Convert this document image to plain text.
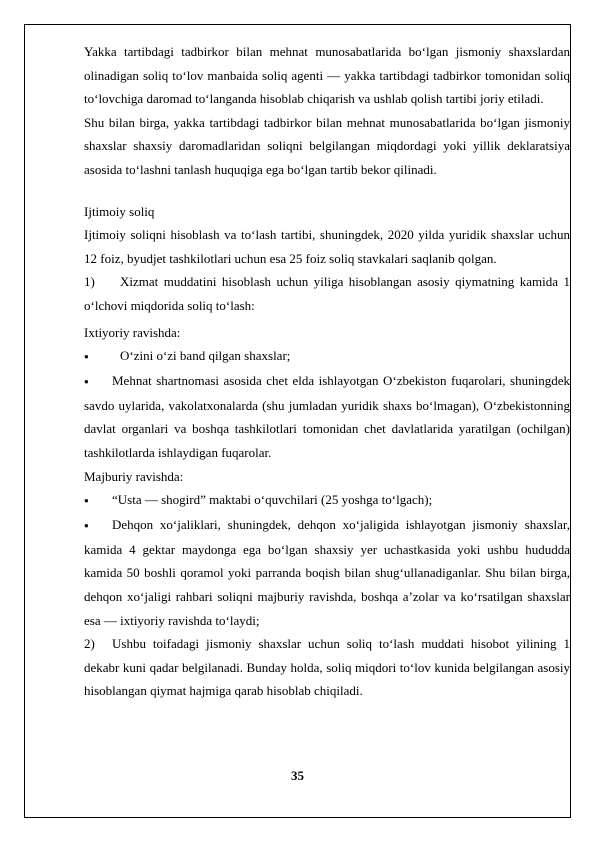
Yakka tartibdagi tadbirkor bilan mehnat munosabatlarida bo‘lgan jismoniy shaxslardan olinadigan soliq to‘lov manbaida soliq agenti — yakka tartibdagi tadbirkor tomonidan soliq to‘lovchiga daromad to‘langanda hisoblab chiqarish va ushlab qolish tartibi joriy etiladi.

Shu bilan birga, yakka tartibdagi tadbirkor bilan mehnat munosabatlarida bo‘lgan jismoniy shaxslar shaxsiy daromadlaridan soliqni belgilangan miqdordagi yoki yillik deklaratsiya asosida to‘lashni tanlash huquqiga ega bo‘lgan tartib bekor qilinadi.

Ijtimoiy soliq

Ijtimoiy soliqni hisoblash va to‘lash tartibi, shuningdek, 2020 yilda yuridik shaxslar uchun 12 foiz, byudjet tashkilotlari uchun esa 25 foiz soliq stavkalari saqlanib qolgan.

1) Xizmat muddatini hisoblash uchun yiliga hisoblangan asosiy qiymatning kamida 1 o‘lchovi miqdorida soliq to‘lash:

Ixtiyoriy ravishda:

● O‘zini o‘zi band qilgan shaxslar;

● Mehnat shartnomasi asosida chet elda ishlayotgan O‘zbekiston fuqarolari, shuningdek savdo uylarida, vakolatxonalarda (shu jumladan yuridik shaxs bo‘lmagan), O‘zbekistonning davlat organlari va boshqa tashkilotlari tomonidan chet davlatlarida yaratilgan (ochilgan) tashkilotlarda ishlaydigan fuqarolar.

Majburiy ravishda:

● “Usta — shogird” maktabi o‘quvchilari (25 yoshga to‘lgach);

● Dehqon xo‘jaliklari, shuningdek, dehqon xo‘jaligida ishlayotgan jismoniy shaxslar, kamida 4 gektar maydonga ega bo‘lgan shaxsiy yer uchastkasida yoki ushbu hududda kamida 50 boshli qoramol yoki parranda boqish bilan shug‘ullanadiganlar. Shu bilan birga, dehqon xo‘jaligi rahbari soliqni majburiy ravishda, boshqa a’zolar va ko‘rsatilgan shaxslar esa — ixtiyoriy ravishda to‘laydi;

2) Ushbu toifadagi jismoniy shaxslar uchun soliq to‘lash muddati hisobot yilining 1 dekabr kuni qadar belgilanadi. Bunday holda, soliq miqdori to‘lov kunida belgilangan asosiy hisoblangan qiymat hajmiga qarab hisoblab chiqiladi.

35
